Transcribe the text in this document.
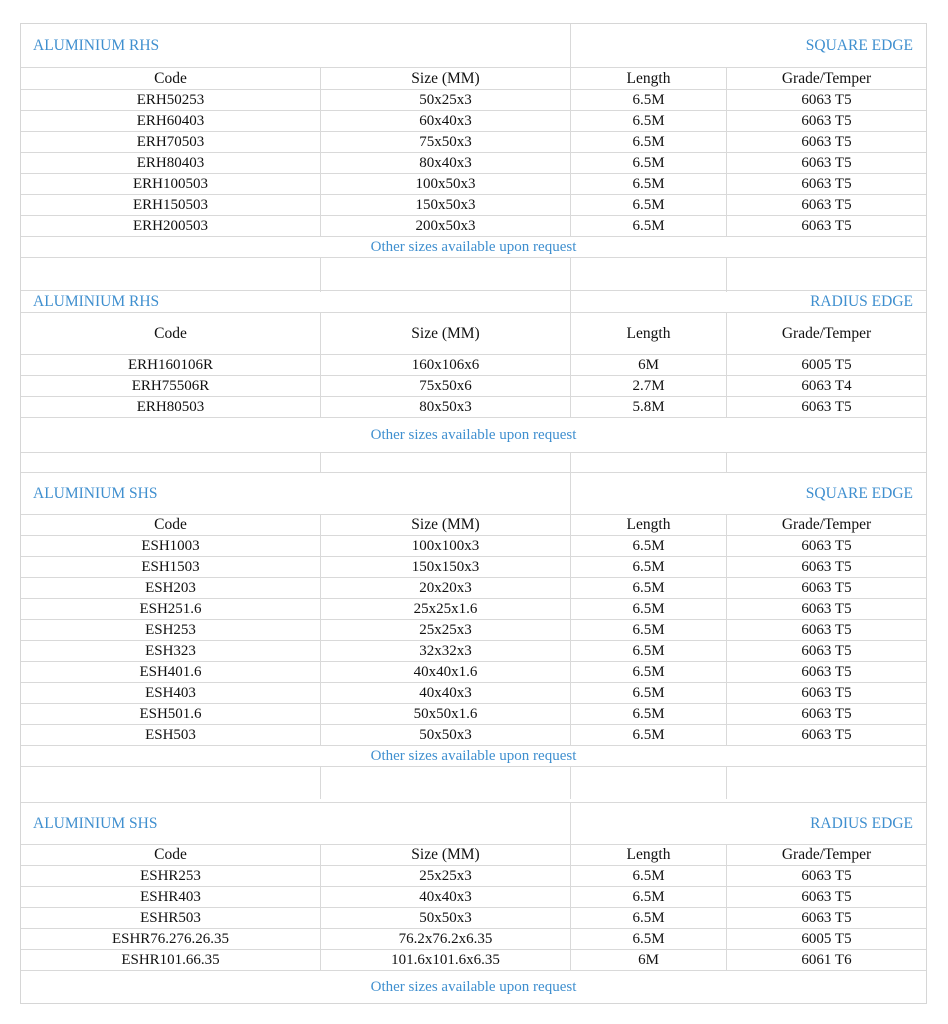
ALUMINIUM RHS	SQUARE EDGE
Code	Size (MM)	Length	Grade/Temper
ERH50253	50x25x3	6.5M	6063 T5
ERH60403	60x40x3	6.5M	6063 T5
ERH70503	75x50x3	6.5M	6063 T5
ERH80403	80x40x3	6.5M	6063 T5
ERH100503	100x50x3	6.5M	6063 T5
ERH150503	150x50x3	6.5M	6063 T5
ERH200503	200x50x3	6.5M	6063 T5
Other sizes available upon request
ALUMINIUM RHS	RADIUS EDGE
Code	Size (MM)	Length	Grade/Temper
ERH160106R	160x106x6	6M	6005 T5
ERH75506R	75x50x6	2.7M	6063 T4
ERH80503	80x50x3	5.8M	6063 T5
Other sizes available upon request
ALUMINIUM SHS	SQUARE EDGE
Code	Size (MM)	Length	Grade/Temper
ESH1003	100x100x3	6.5M	6063 T5
ESH1503	150x150x3	6.5M	6063 T5
ESH203	20x20x3	6.5M	6063 T5
ESH251.6	25x25x1.6	6.5M	6063 T5
ESH253	25x25x3	6.5M	6063 T5
ESH323	32x32x3	6.5M	6063 T5
ESH401.6	40x40x1.6	6.5M	6063 T5
ESH403	40x40x3	6.5M	6063 T5
ESH501.6	50x50x1.6	6.5M	6063 T5
ESH503	50x50x3	6.5M	6063 T5
Other sizes available upon request
ALUMINIUM SHS	RADIUS EDGE
Code	Size (MM)	Length	Grade/Temper
ESHR253	25x25x3	6.5M	6063 T5
ESHR403	40x40x3	6.5M	6063 T5
ESHR503	50x50x3	6.5M	6063 T5
ESHR76.276.26.35	76.2x76.2x6.35	6.5M	6005 T5
ESHR101.66.35	101.6x101.6x6.35	6M	6061 T6
Other sizes available upon request
